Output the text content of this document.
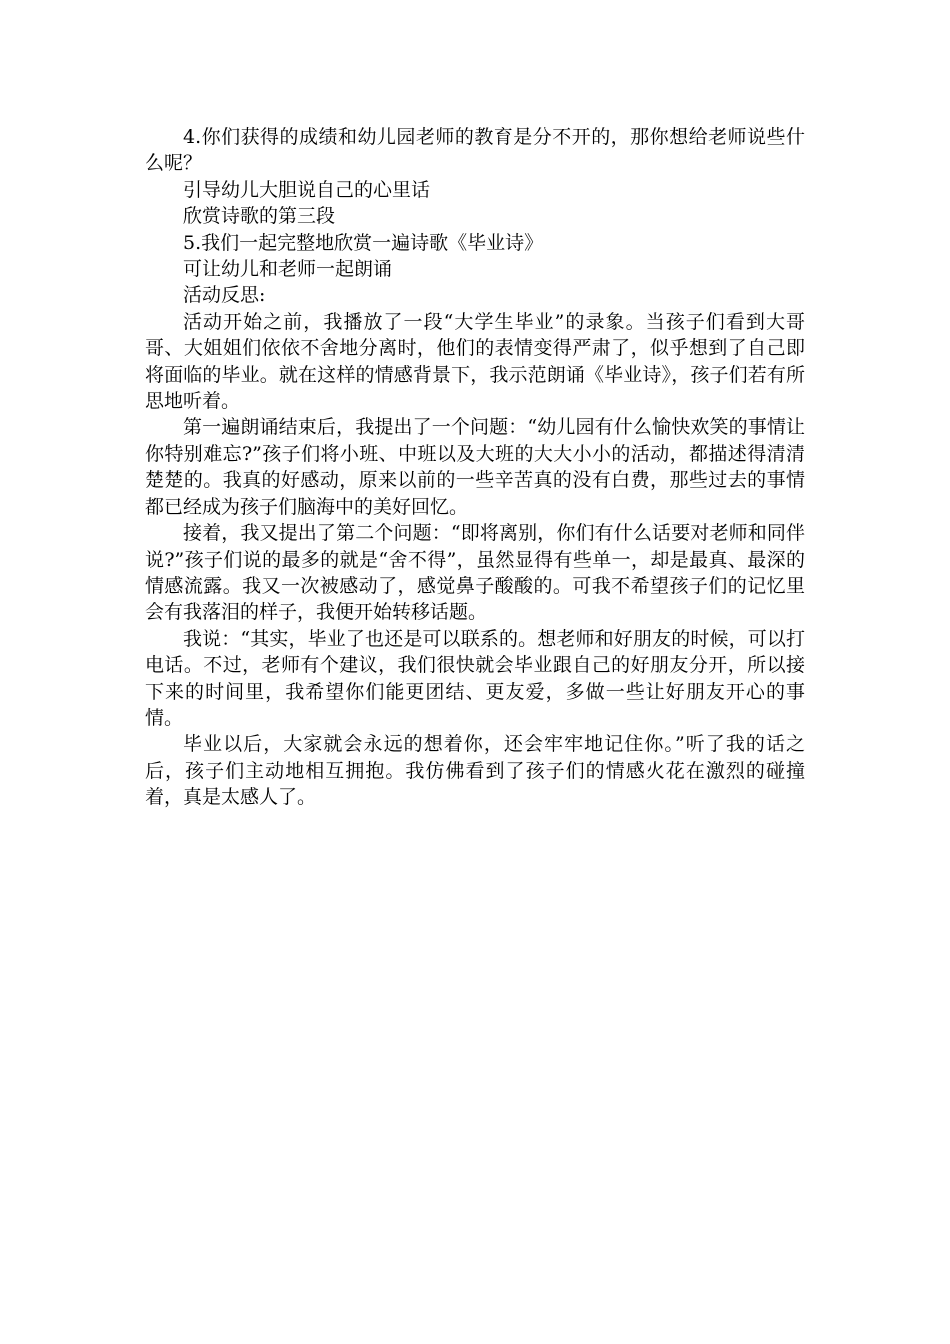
4.你们获得的成绩和幼儿园老师的教育是分不开的，那你想给老师说些什么呢？

引导幼儿大胆说自己的心里话

欣赏诗歌的第三段

5.我们一起完整地欣赏一遍诗歌《毕业诗》

可让幼儿和老师一起朗诵

活动反思:

活动开始之前，我播放了一段“大学生毕业”的录象。当孩子们看到大哥哥、大姐姐们依依不舍地分离时，他们的表情变得严肃了，似乎想到了自己即将面临的毕业。就在这样的情感背景下，我示范朗诵《毕业诗》，孩子们若有所思地听着。

第一遍朗诵结束后，我提出了一个问题：“幼儿园有什么愉快欢笑的事情让你特别难忘?”孩子们将小班、中班以及大班的大大小小的活动，都描述得清清楚楚的。我真的好感动，原来以前的一些辛苦真的没有白费，那些过去的事情都已经成为孩子们脑海中的美好回忆。

接着，我又提出了第二个问题：“即将离别，你们有什么话要对老师和同伴说?”孩子们说的最多的就是“舍不得”，虽然显得有些单一，却是最真、最深的情感流露。我又一次被感动了，感觉鼻子酸酸的。可我不希望孩子们的记忆里会有我落泪的样子，我便开始转移话题。

我说：“其实，毕业了也还是可以联系的。想老师和好朋友的时候，可以打电话。不过，老师有个建议，我们很快就会毕业跟自己的好朋友分开，所以接下来的时间里，我希望你们能更团结、更友爱，多做一些让好朋友开心的事情。

毕业以后，大家就会永远的想着你，还会牢牢地记住你。”听了我的话之后，孩子们主动地相互拥抱。我仿佛看到了孩子们的情感火花在激烈的碰撞着，真是太感人了。
